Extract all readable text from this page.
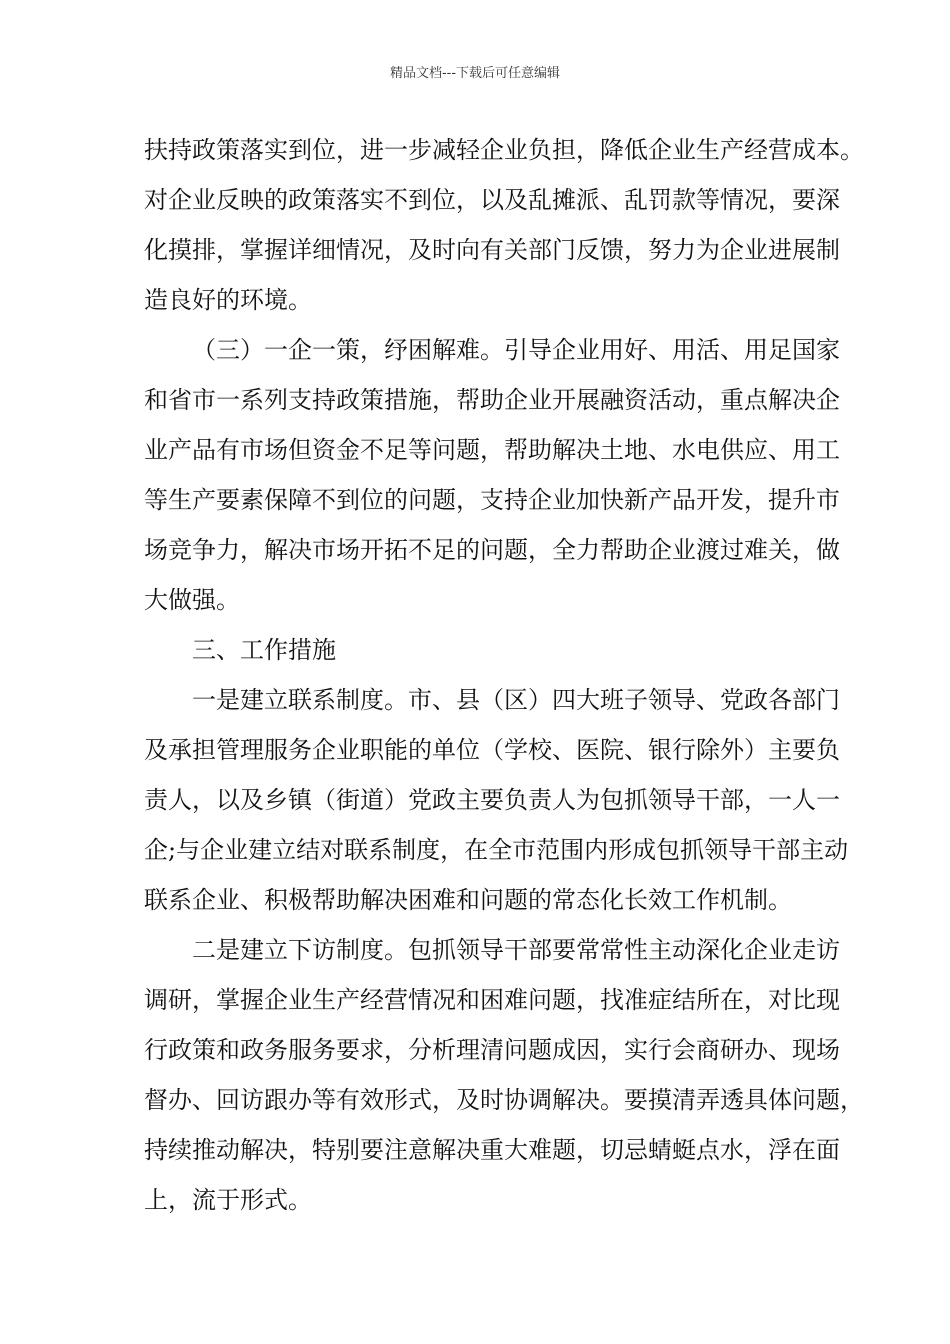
精品文档---下载后可任意编辑
扶持政策落实到位，进一步减轻企业负担，降低企业生产经营成本。
对企业反映的政策落实不到位，以及乱摊派、乱罚款等情况，要深
化摸排，掌握详细情况，及时向有关部门反馈，努力为企业进展制
造良好的环境。
（三）一企一策，纾困解难。引导企业用好、用活、用足国家
和省市一系列支持政策措施，帮助企业开展融资活动，重点解决企
业产品有市场但资金不足等问题，帮助解决土地、水电供应、用工
等生产要素保障不到位的问题，支持企业加快新产品开发，提升市
场竞争力，解决市场开拓不足的问题，全力帮助企业渡过难关，做
大做强。
三、工作措施
一是建立联系制度。市、县（区）四大班子领导、党政各部门
及承担管理服务企业职能的单位（学校、医院、银行除外）主要负
责人，以及乡镇（街道）党政主要负责人为包抓领导干部，一人一
企;与企业建立结对联系制度，在全市范围内形成包抓领导干部主动
联系企业、积极帮助解决困难和问题的常态化长效工作机制。
二是建立下访制度。包抓领导干部要常常性主动深化企业走访
调研，掌握企业生产经营情况和困难问题，找准症结所在，对比现
行政策和政务服务要求，分析理清问题成因，实行会商研办、现场
督办、回访跟办等有效形式，及时协调解决。要摸清弄透具体问题，
持续推动解决，特别要注意解决重大难题，切忌蜻蜓点水，浮在面
上，流于形式。
